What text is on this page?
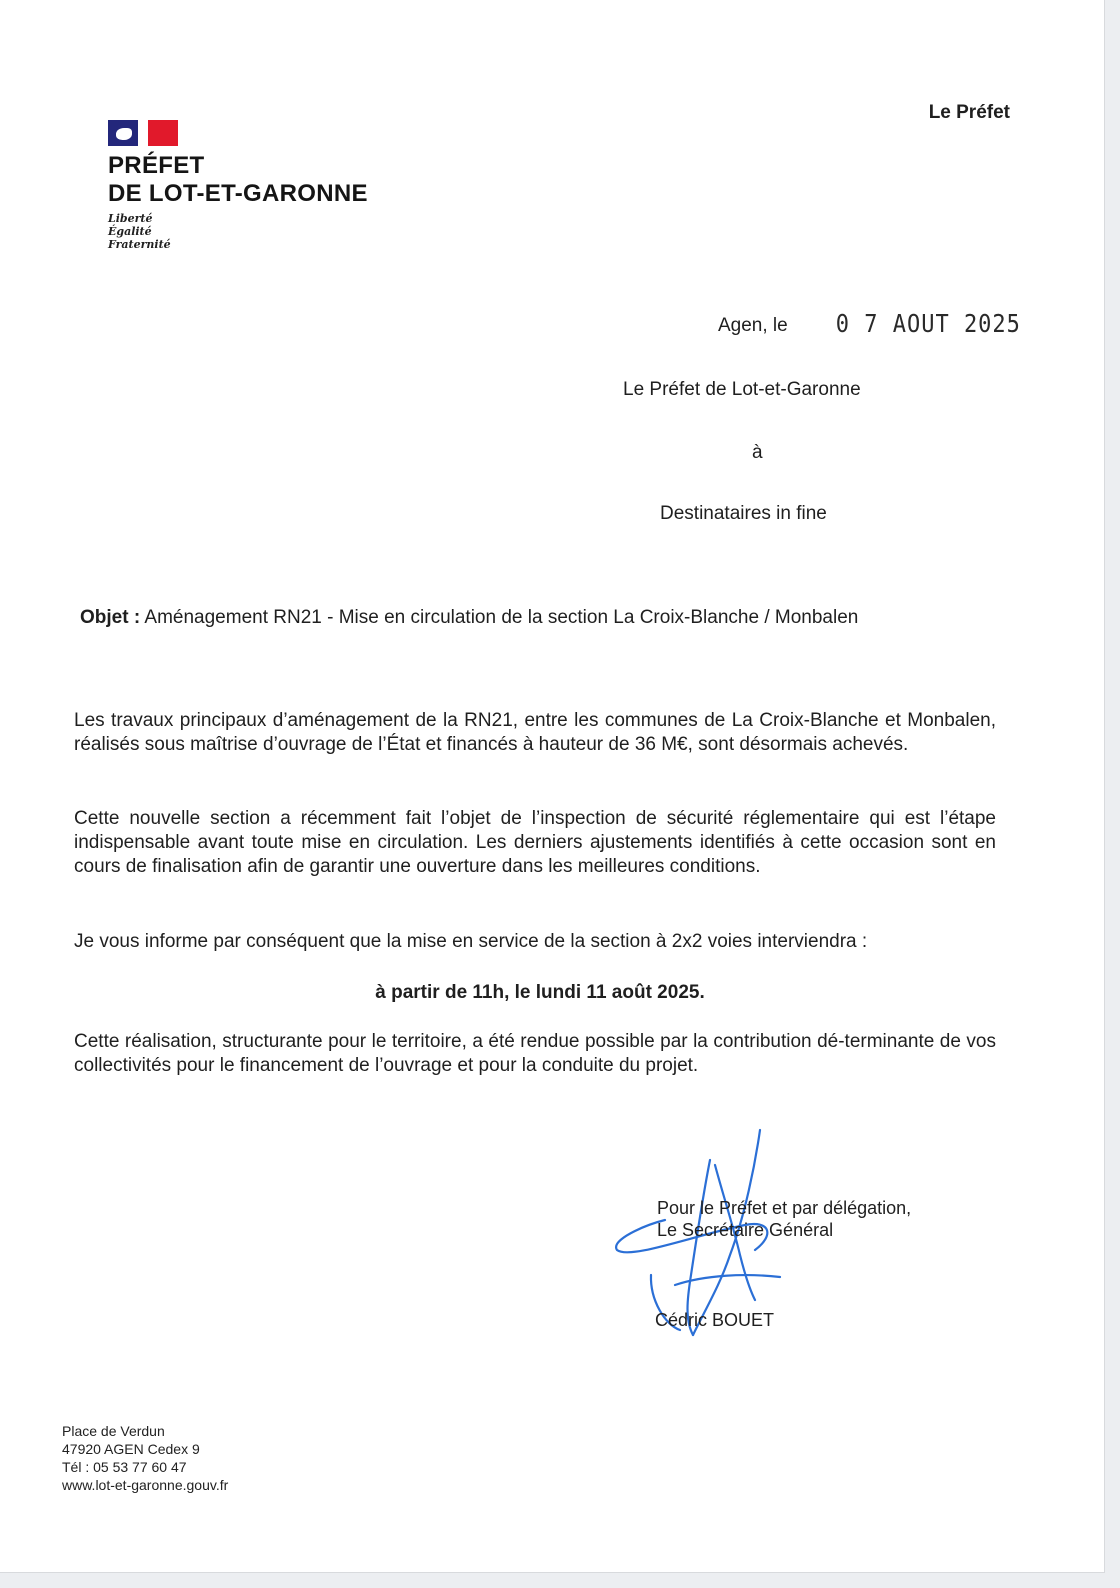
PRÉFET
DE LOT-ET-GARONNE
Liberté
Égalité
Fraternité
Le Préfet
Agen, le 0 7 AOUT 2025
Le Préfet de Lot-et-Garonne
à
Destinataires in fine
Objet : Aménagement RN21 - Mise en circulation de la section La Croix-Blanche / Monbalen
Les travaux principaux d’aménagement de la RN21, entre les communes de La Croix-Blanche et Monbalen, réalisés sous maîtrise d’ouvrage de l’État et financés à hauteur de 36 M€, sont désormais achevés.
Cette nouvelle section a récemment fait l’objet de l’inspection de sécurité réglementaire qui est l’étape indispensable avant toute mise en circulation. Les derniers ajustements identifiés à cette occasion sont en cours de finalisation afin de garantir une ouverture dans les meilleures conditions.
Je vous informe par conséquent que la mise en service de la section à 2x2 voies interviendra :
à partir de 11h, le lundi 11 août 2025.
Cette réalisation, structurante pour le territoire, a été rendue possible par la contribution dé-terminante de vos collectivités pour le financement de l’ouvrage et pour la conduite du projet.
Pour le Préfet et par délégation,
Le Secrétaire Général
Cédric BOUET
Place de Verdun
47920 AGEN Cedex 9
Tél : 05 53 77 60 47
www.lot-et-garonne.gouv.fr
